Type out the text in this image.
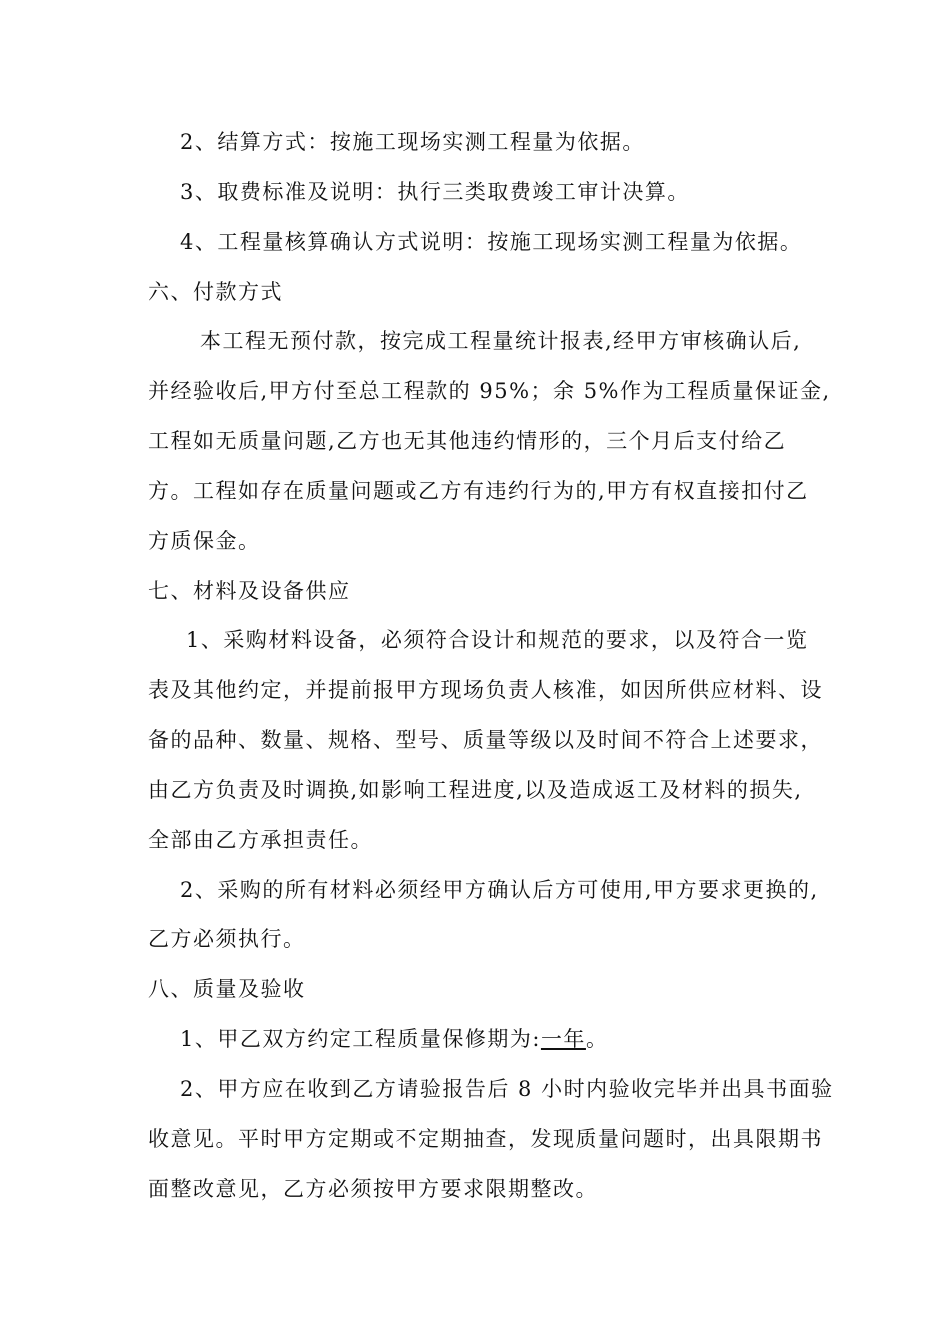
2、结算方式：按施工现场实测工程量为依据。
3、取费标准及说明：执行三类取费竣工审计决算。
4、工程量核算确认方式说明：按施工现场实测工程量为依据。
六、付款方式
本工程无预付款，按完成工程量统计报表,经甲方审核确认后,
并经验收后,甲方付至总工程款的 95%；余 5%作为工程质量保证金,
工程如无质量问题,乙方也无其他违约情形的，三个月后支付给乙
方。工程如存在质量问题或乙方有违约行为的,甲方有权直接扣付乙
方质保金。
七、材料及设备供应
1、采购材料设备，必须符合设计和规范的要求，以及符合一览
表及其他约定，并提前报甲方现场负责人核准，如因所供应材料、设
备的品种、数量、规格、型号、质量等级以及时间不符合上述要求，
由乙方负责及时调换,如影响工程进度,以及造成返工及材料的损失,
全部由乙方承担责任。
2、采购的所有材料必须经甲方确认后方可使用,甲方要求更换的,
乙方必须执行。
八、质量及验收
1、甲乙双方约定工程质量保修期为:一年。
2、甲方应在收到乙方请验报告后 8 小时内验收完毕并出具书面验
收意见。平时甲方定期或不定期抽查，发现质量问题时，出具限期书
面整改意见，乙方必须按甲方要求限期整改。
